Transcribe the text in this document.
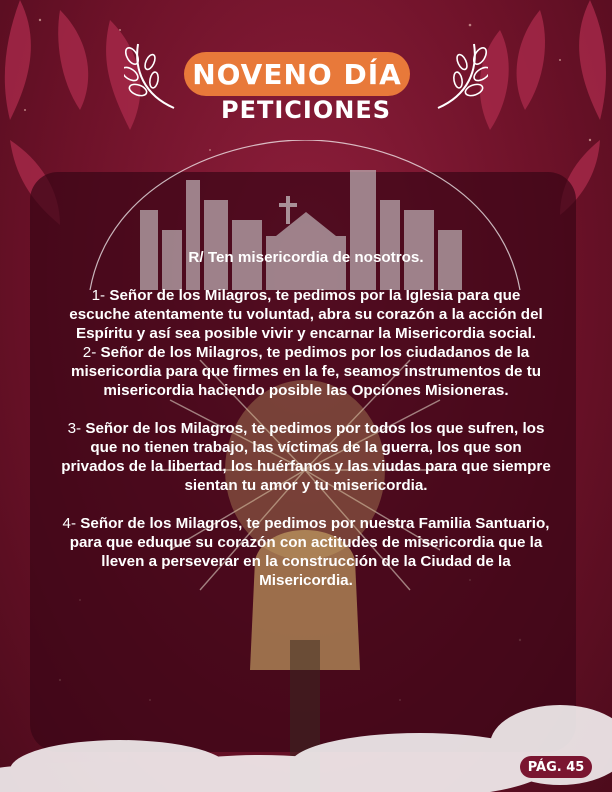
NOVENO DÍA
PETICIONES

R/ Ten misericordia de nosotros.

1- Señor de los Milagros, te pedimos por la Iglesia para que escuche atentamente tu voluntad, abra su corazón a la acción del Espíritu y así sea posible vivir y encarnar la Misericordia social.

2- Señor de los Milagros, te pedimos por los ciudadanos de la misericordia para que firmes en la fe, seamos instrumentos de tu misericordia haciendo posible las Opciones Misioneras.

3- Señor de los Milagros, te pedimos por todos los que sufren, los que no tienen trabajo, las víctimas de la guerra, los que son privados de la libertad, los huérfanos y las viudas para que siempre sientan tu amor y tu misericordia.

4- Señor de los Milagros, te pedimos por nuestra Familia Santuario, para que eduque su corazón con actitudes de misericordia que la lleven a perseverar en la construcción de la Ciudad de la Misericordia.

PÁG. 45
